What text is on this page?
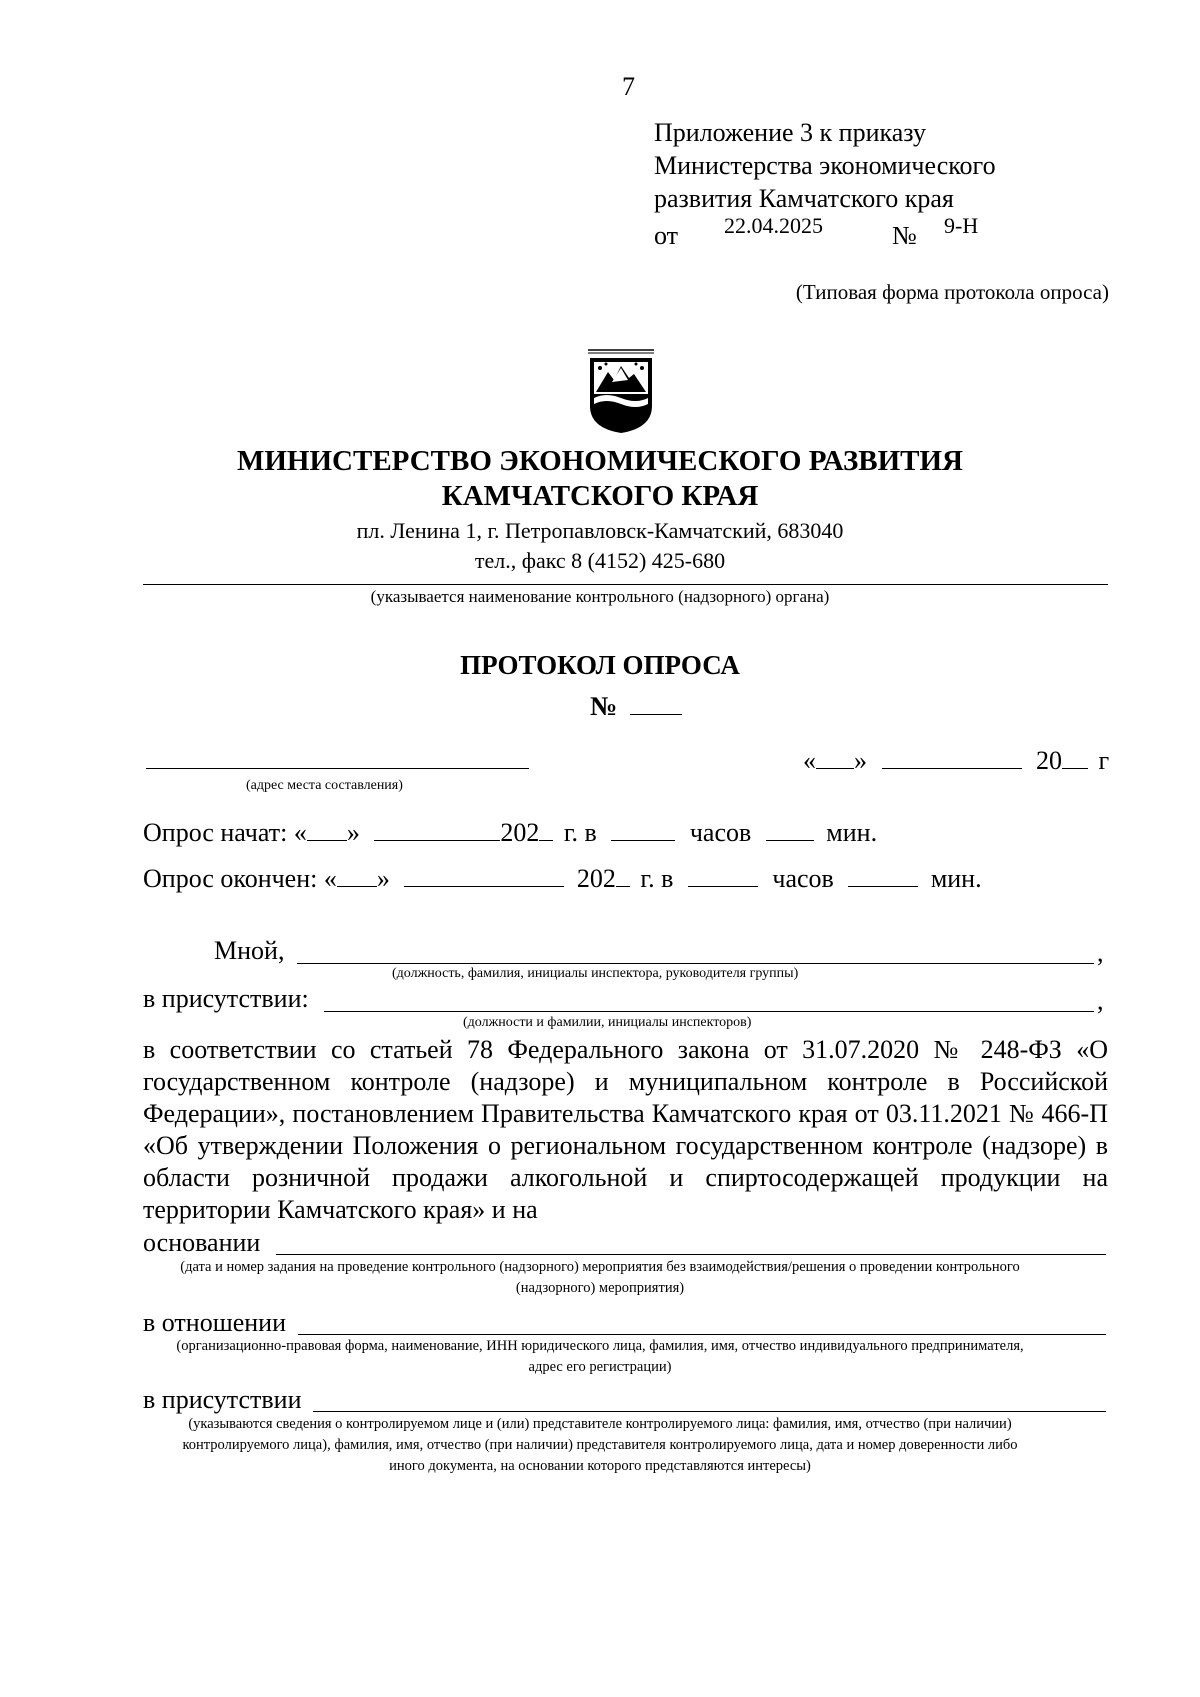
7
Приложение 3 к приказу
Министерства экономического
развития Камчатского края
от 22.04.2025	№ 9-Н
(Типовая форма протокола опроса)
МИНИСТЕРСТВО ЭКОНОМИЧЕСКОГО РАЗВИТИЯ
КАМЧАТСКОГО КРАЯ
пл. Ленина 1, г. Петропавловск-Камчатский, 683040
тел., факс 8 (4152) 425-680
(указывается наименование контрольного (надзорного) органа)
ПРОТОКОЛ ОПРОСА
№
(адрес места составления)
« »	20 г
Опрос начат: « »	202 г. в	часов	мин.
Опрос окончен: « »	202 г. в	часов	мин.
Мной,	,
(должность, фамилия, инициалы инспектора, руководителя группы)
в присутствии:	,
(должности и фамилии, инициалы инспекторов)
в соответствии со статьей 78 Федерального закона от 31.07.2020 № 248-ФЗ «О государственном контроле (надзоре) и муниципальном контроле в Российской Федерации», постановлением Правительства Камчатского края от 03.11.2021 № 466-П «Об утверждении Положения о региональном государственном контроле (надзоре) в области розничной продажи алкогольной и спиртосодержащей продукции на территории Камчатского края» и на
основании
(дата и номер задания на проведение контрольного (надзорного) мероприятия без взаимодействия/решения о проведении контрольного
(надзорного) мероприятия)
в отношении
(организационно-правовая форма, наименование, ИНН юридического лица, фамилия, имя, отчество индивидуального предпринимателя,
адрес его регистрации)
в присутствии
(указываются сведения о контролируемом лице и (или) представителе контролируемого лица: фамилия, имя, отчество (при наличии)
контролируемого лица), фамилия, имя, отчество (при наличии) представителя контролируемого лица, дата и номер доверенности либо
иного документа, на основании которого представляются интересы)
